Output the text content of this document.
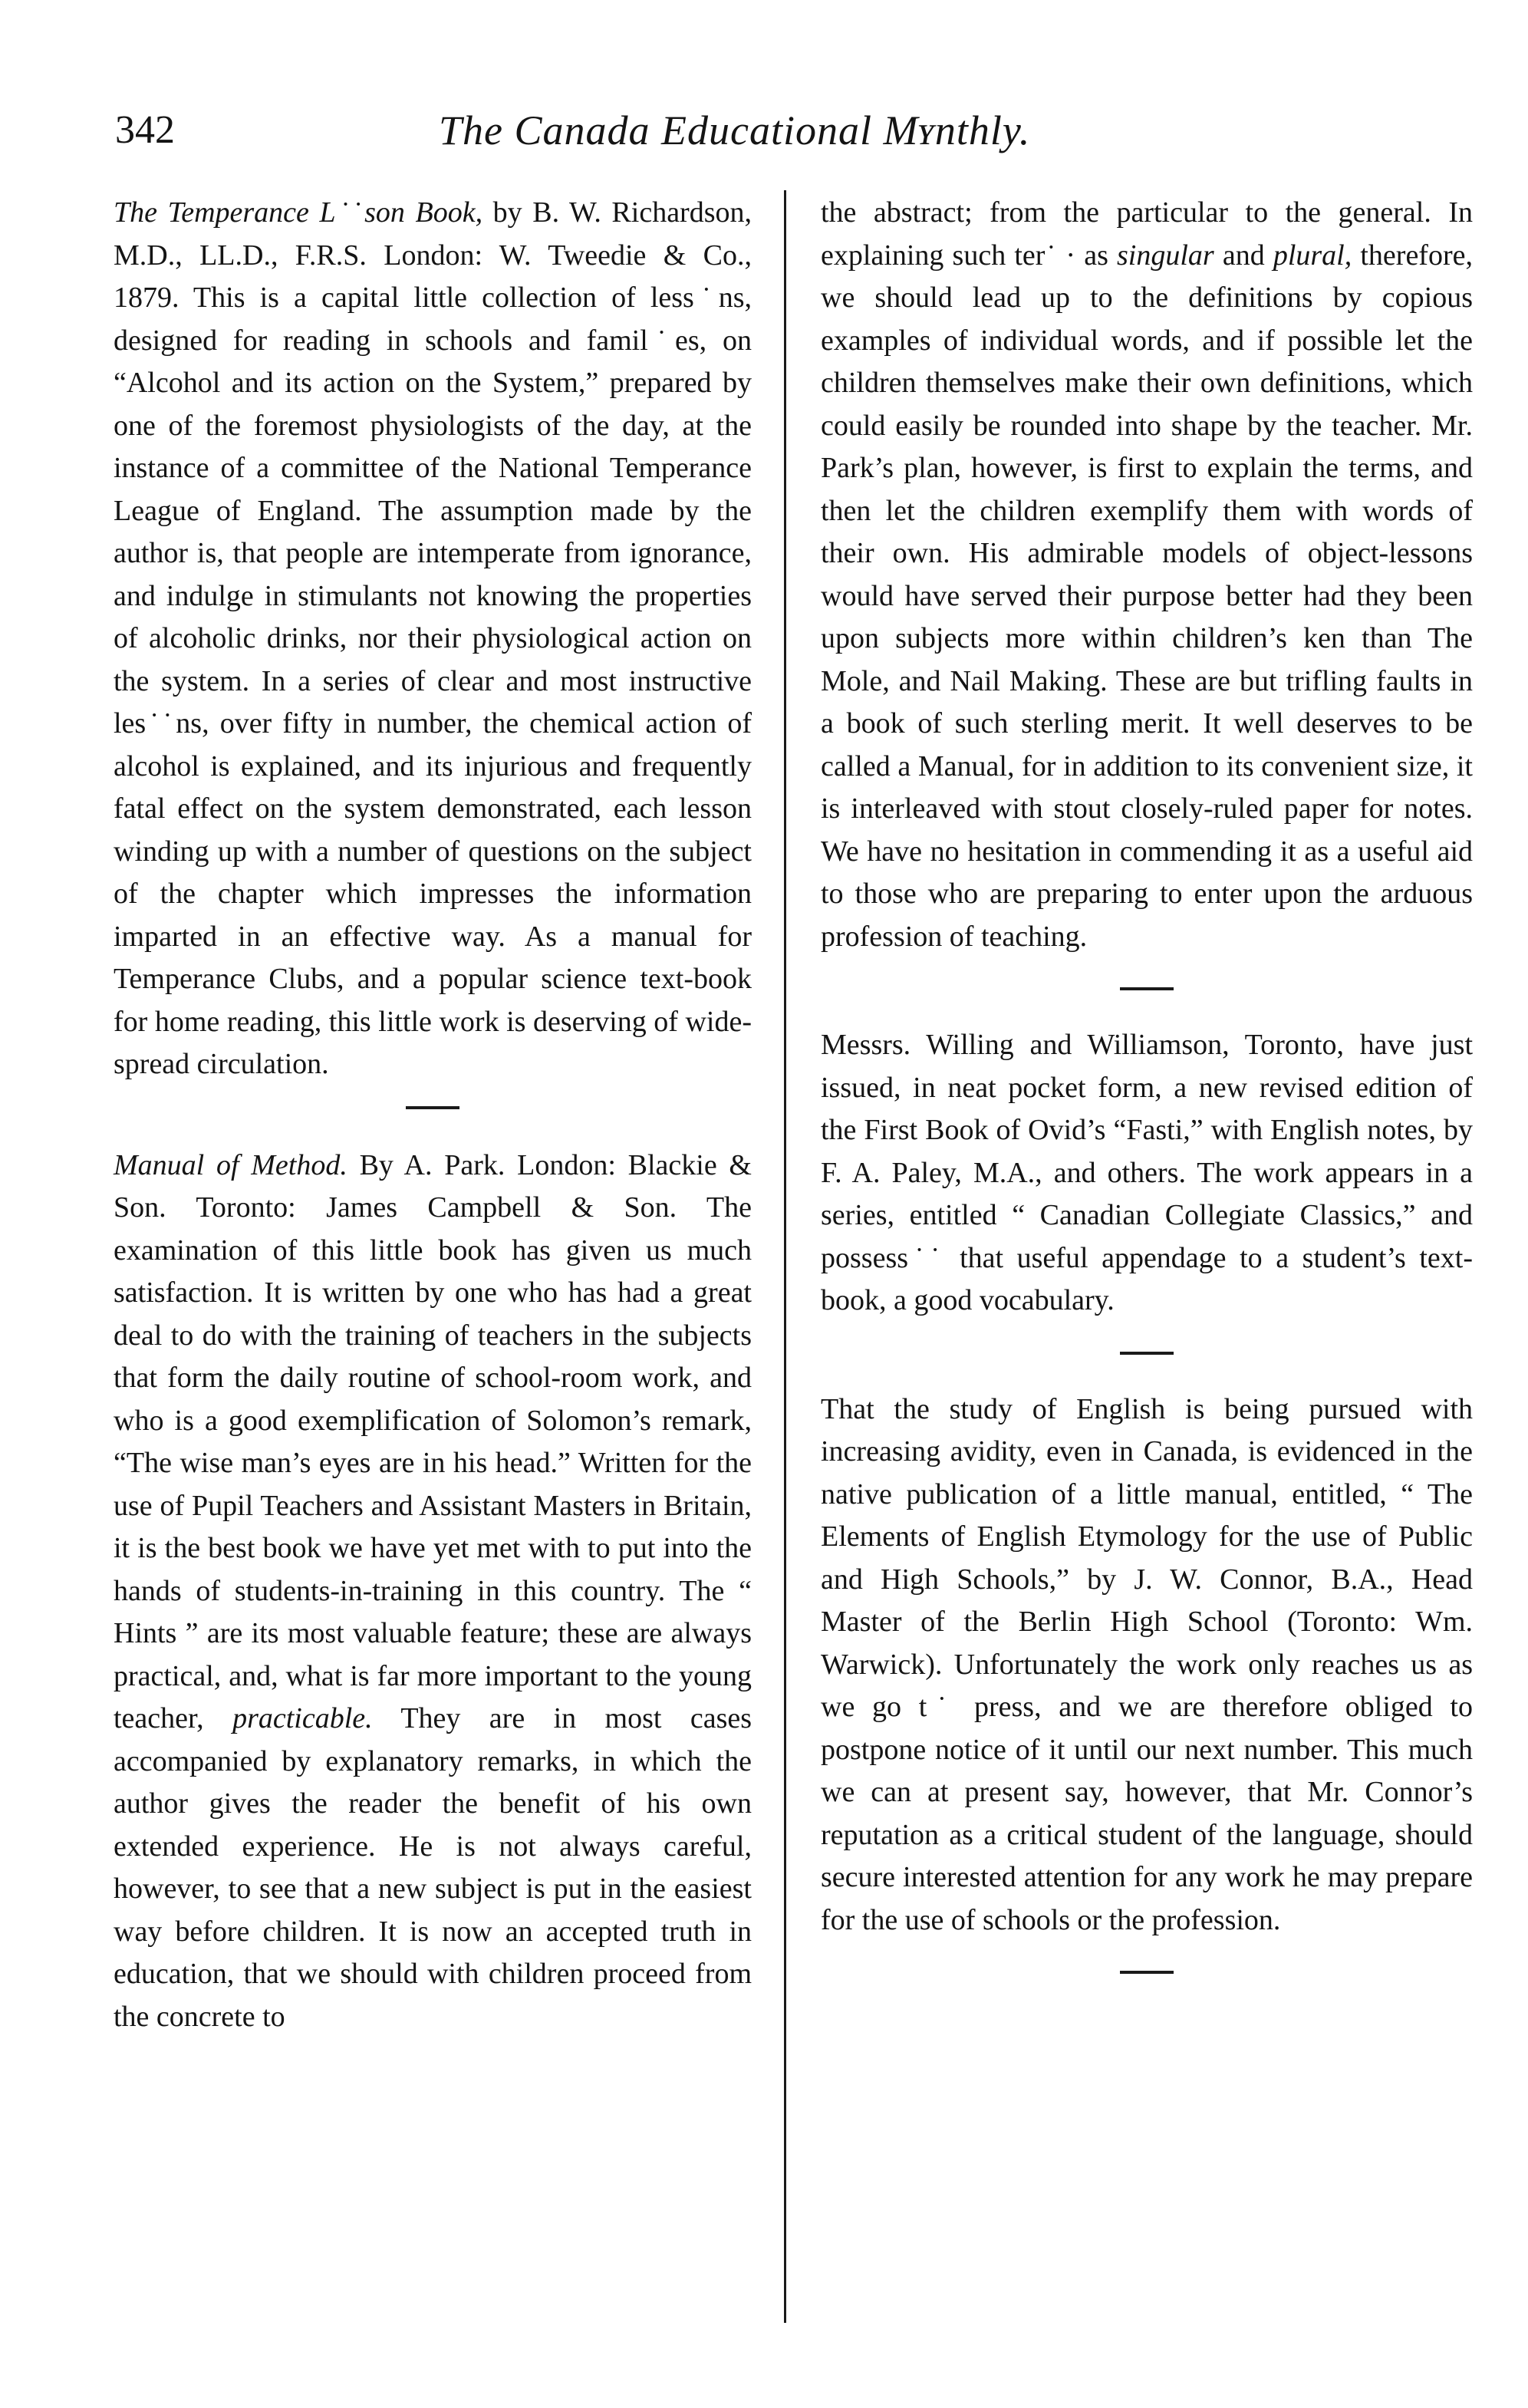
342	The Canada Educational Mʏnthly.

The Temperance L˙˙son Book, by B. W. Richardson, M.D., LL.D., F.R.S. London: W. Tweedie & Co., 1879. This is a capital little collection of less˙ns, designed for reading in schools and famil˙es, on “Alcohol and its action on the System,” prepared by one of the foremost physiologists of the day, at the instance of a committee of the National Temperance League of England. The assumption made by the author is, that people are intemperate from ignorance, and indulge in stimulants not knowing the properties of alcoholic drinks, nor their physiological action on the system. In a series of clear and most instructive les˙˙ns, over fifty in number, the chemical action of alcohol is explained, and its injurious and frequently fatal effect on the system demonstrated, each lesson winding up with a number of questions on the subject of the chapter which impresses the information imparted in an effective way. As a manual for Temperance Clubs, and a popular science text-book for home reading, this little work is deserving of wide-spread circulation.

Manual of Method. By A. Park. London: Blackie & Son. Toronto: James Campbell & Son. The examination of this little book has given us much satisfaction. It is written by one who has had a great deal to do with the training of teachers in the subjects that form the daily routine of school-room work, and who is a good exemplification of Solomon’s remark, “The wise man’s eyes are in his head.” Written for the use of Pupil Teachers and Assistant Masters in Britain, it is the best book we have yet met with to put into the hands of students-in-training in this country. The “ Hints ” are its most valuable feature; these are always practical, and, what is far more important to the young teacher, practicable. They are in most cases accompanied by explanatory remarks, in which the author gives the reader the benefit of his own extended experience. He is not always careful, however, to see that a new subject is put in the easiest way before children. It is now an accepted truth in education, that we should with children proceed from the concrete to

the abstract; from the particular to the general. In explaining such ter˙ · as singular and plural, therefore, we should lead up to the definitions by copious examples of individual words, and if possible let the children themselves make their own definitions, which could easily be rounded into shape by the teacher. Mr. Park’s plan, however, is first to explain the terms, and then let the children exemplify them with words of their own. His admirable models of object-lessons would have served their purpose better had they been upon subjects more within children’s ken than The Mole, and Nail Making. These are but trifling faults in a book of such sterling merit. It well deserves to be called a Manual, for in addition to its convenient size, it is interleaved with stout closely-ruled paper for notes. We have no hesitation in commending it as a useful aid to those who are preparing to enter upon the arduous profession of teaching.

Messrs. Willing and Williamson, Toronto, have just issued, in neat pocket form, a new revised edition of the First Book of Ovid’s “Fasti,” with English notes, by F. A. Paley, M.A., and others. The work appears in a series, entitled “ Canadian Collegiate Classics,” and possess˙˙ that useful appendage to a student’s text-book, a good vocabulary.

That the study of English is being pursued with increasing avidity, even in Canada, is evidenced in the native publication of a little manual, entitled, “ The Elements of English Etymology for the use of Public and High Schools,” by J. W. Connor, B.A., Head Master of the Berlin High School (Toronto: Wm. Warwick). Unfortunately the work only reaches us as we go t˙ press, and we are therefore obliged to postpone notice of it until our next number. This much we can at present say, however, that Mr. Connor’s reputation as a critical student of the language, should secure interested attention for any work he may prepare for the use of schools or the profession.
